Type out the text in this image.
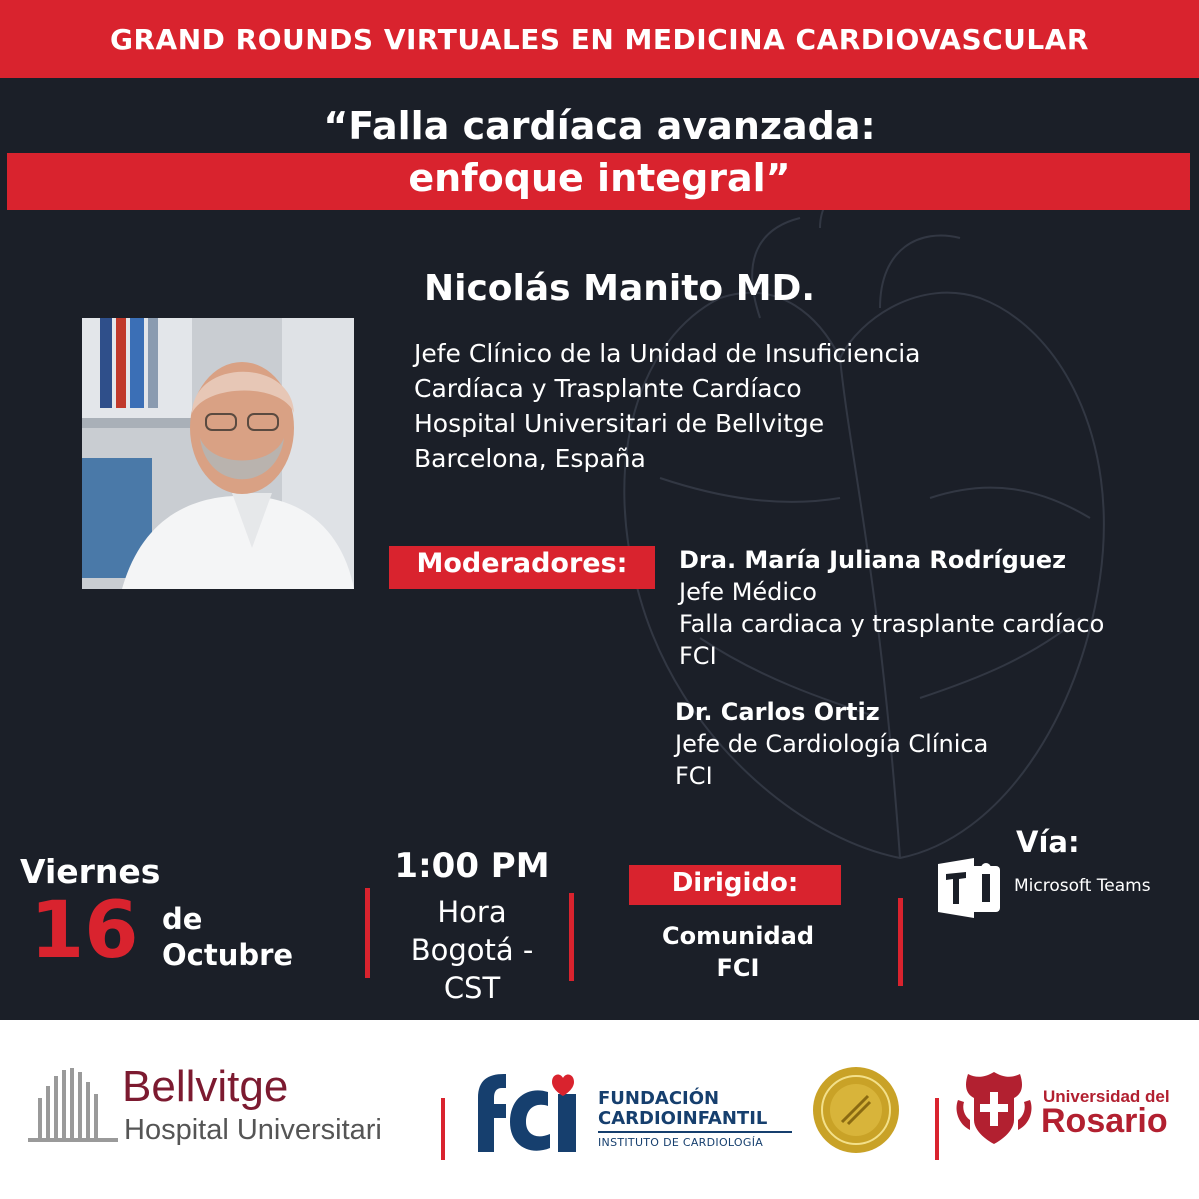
GRAND ROUNDS VIRTUALES EN MEDICINA CARDIOVASCULAR
“Falla cardíaca avanzada:
enfoque integral”
Nicolás Manito MD.
Jefe Clínico de la Unidad de Insuficiencia
Cardíaca y Trasplante Cardíaco
Hospital Universitari de Bellvitge
Barcelona, España
Moderadores:	Dra. María Juliana Rodríguez
Jefe Médico
Falla cardiaca y trasplante cardíaco
FCI
Dr. Carlos Ortiz
Jefe de Cardiología Clínica
FCI
Viernes
16 de
Octubre
1:00 PM
Hora
Bogotá -
CST
Dirigido:
Comunidad
FCI
Vía:
Microsoft Teams
Bellvitge
Hospital Universitari
FUNDACIÓN
CARDIOINFANTIL
INSTITUTO DE CARDIOLOGÍA
Universidad del
Rosario
